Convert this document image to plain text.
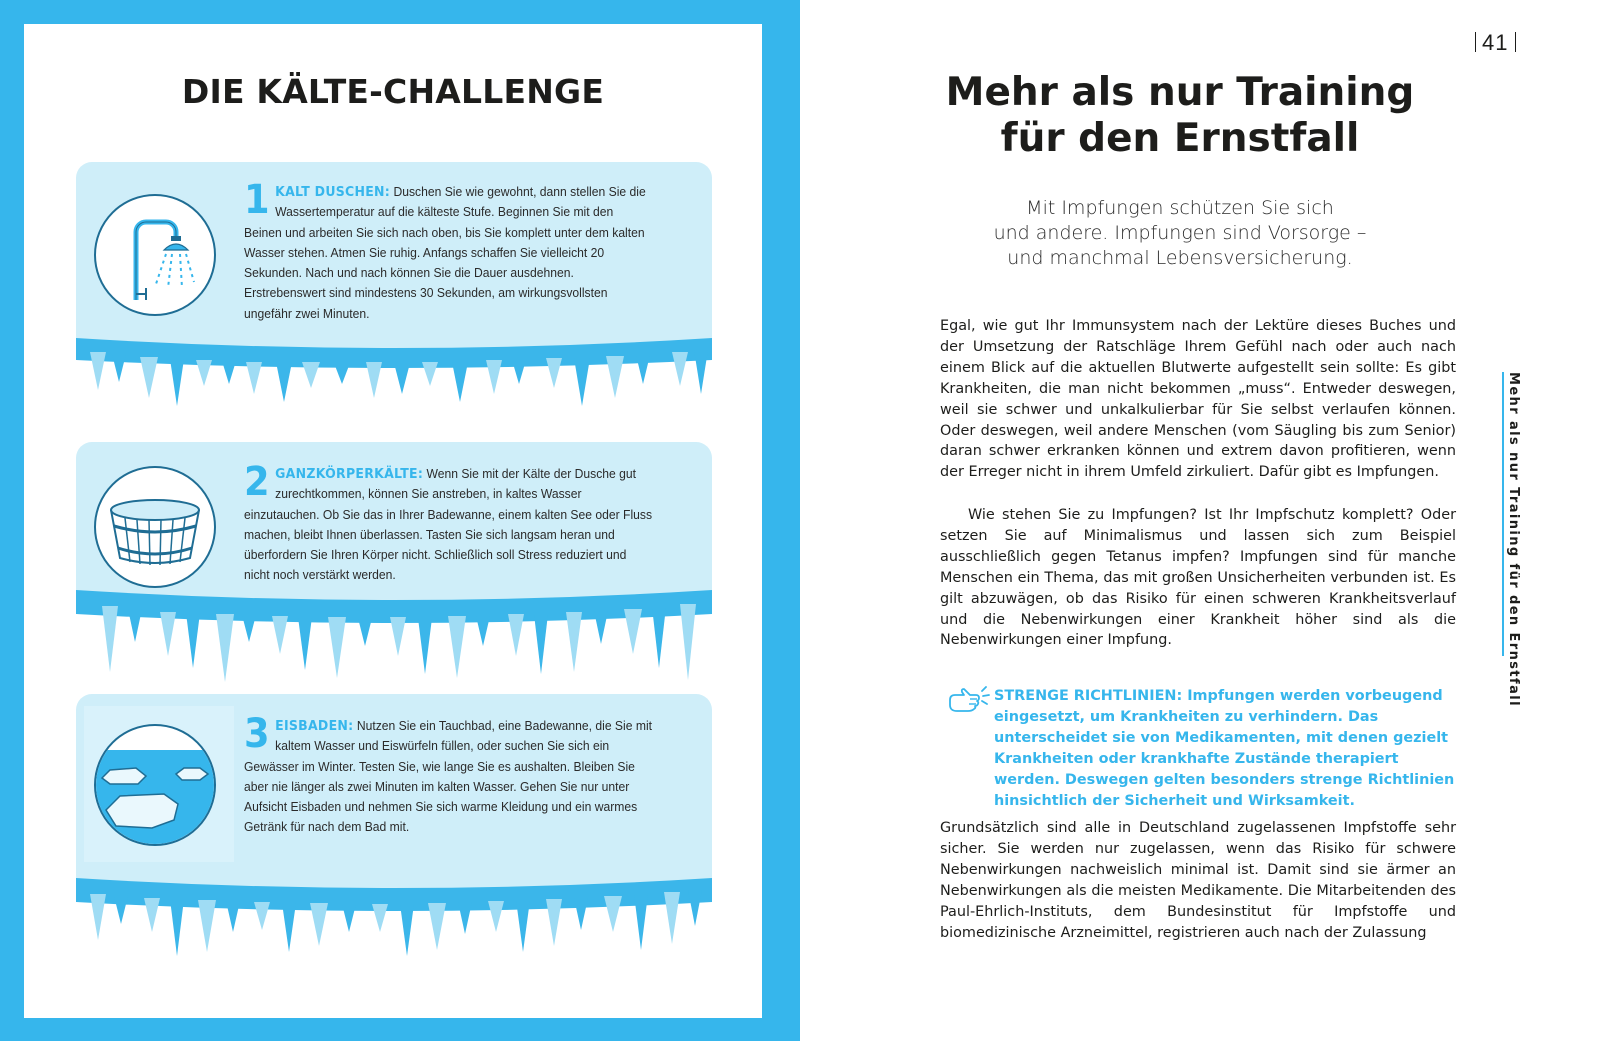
DIE KÄLTE-CHALLENGE
1 KALT DUSCHEN: Duschen Sie wie gewohnt, dann stellen Sie die Wassertemperatur auf die kälteste Stufe. Beginnen Sie mit den Beinen und arbeiten Sie sich nach oben, bis Sie komplett unter dem kalten Wasser stehen. Atmen Sie ruhig. Anfangs schaffen Sie vielleicht 20 Sekunden. Nach und nach können Sie die Dauer ausdehnen. Erstrebenswert sind mindestens 30 Sekunden, am wirkungsvollsten ungefähr zwei Minuten.
2 GANZKÖRPERKÄLTE: Wenn Sie mit der Kälte der Dusche gut zurechtkommen, können Sie anstreben, in kaltes Wasser einzutauchen. Ob Sie das in Ihrer Badewanne, einem kalten See oder Fluss machen, bleibt Ihnen überlassen. Tasten Sie sich langsam heran und überfordern Sie Ihren Körper nicht. Schließlich soll Stress reduziert und nicht noch verstärkt werden.
3 EISBADEN: Nutzen Sie ein Tauchbad, eine Badewanne, die Sie mit kaltem Wasser und Eiswürfeln füllen, oder suchen Sie sich ein Gewässer im Winter. Testen Sie, wie lange Sie es aushalten. Bleiben Sie aber nie länger als zwei Minuten im kalten Wasser. Gehen Sie nur unter Aufsicht Eisbaden und nehmen Sie sich warme Kleidung und ein warmes Getränk für nach dem Bad mit.
41
Mehr als nur Training
für den Ernstfall
Mit Impfungen schützen Sie sich
und andere. Impfungen sind Vorsorge –
und manchmal Lebensversicherung.

Egal, wie gut Ihr Immunsystem nach der Lektüre dieses Buches und der Umsetzung der Ratschläge Ihrem Gefühl nach oder auch nach einem Blick auf die aktuellen Blutwerte aufgestellt sein sollte: Es gibt Krankheiten, die man nicht bekommen „muss“. Entweder deswegen, weil sie schwer und unkalkulierbar für Sie selbst verlaufen können. Oder deswegen, weil andere Menschen (vom Säugling bis zum Senior) daran schwer erkranken können und extrem davon profitieren, wenn der Erreger nicht in ihrem Umfeld zirkuliert. Dafür gibt es Impfungen.

Wie stehen Sie zu Impfungen? Ist Ihr Impfschutz komplett? Oder setzen Sie auf Minimalismus und lassen sich zum Beispiel ausschließlich gegen Tetanus impfen? Impfungen sind für manche Menschen ein Thema, das mit großen Unsicherheiten verbunden ist. Es gilt abzuwägen, ob das Risiko für einen schweren Krankheitsverlauf und die Nebenwirkungen einer Krankheit höher sind als die Nebenwirkungen einer Impfung.

STRENGE RICHTLINIEN: Impfungen werden vorbeugend eingesetzt, um Krankheiten zu verhindern. Das unterscheidet sie von Medikamenten, mit denen gezielt Krankheiten oder krankhafte Zustände therapiert werden. Deswegen gelten besonders strenge Richtlinien hinsichtlich der Sicherheit und Wirksamkeit.

Grundsätzlich sind alle in Deutschland zugelassenen Impfstoffe sehr sicher. Sie werden nur zugelassen, wenn das Risiko für schwere Nebenwirkungen nachweislich minimal ist. Damit sind sie ärmer an Nebenwirkungen als die meisten Medikamente. Die Mitarbeitenden des Paul-Ehrlich-Instituts, dem Bundesinstitut für Impfstoffe und biomedizinische Arzneimittel, registrieren auch nach der Zulassung

Mehr als nur Training für den Ernstfall
